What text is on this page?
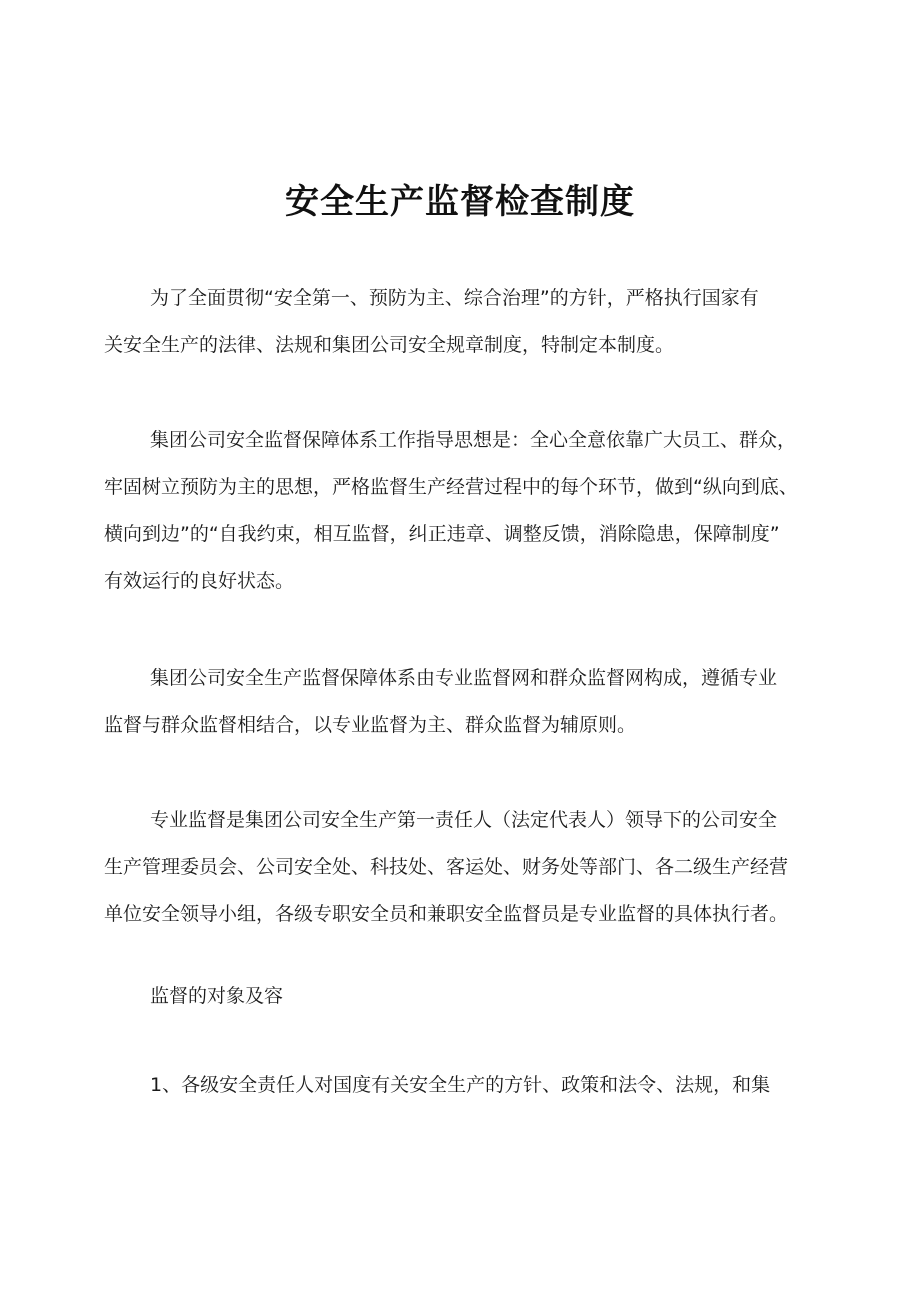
安全生产监督检查制度

为了全面贯彻“安全第一、预防为主、综合治理”的方针，严格执行国家有

关安全生产的法律、法规和集团公司安全规章制度，特制定本制度。

集团公司安全监督保障体系工作指导思想是：全心全意依靠广大员工、群众，

牢固树立预防为主的思想，严格监督生产经营过程中的每个环节，做到“纵向到底、

横向到边”的“自我约束，相互监督，纠正违章、调整反馈，消除隐患，保障制度”

有效运行的良好状态。

集团公司安全生产监督保障体系由专业监督网和群众监督网构成，遵循专业

监督与群众监督相结合，以专业监督为主、群众监督为辅原则。

专业监督是集团公司安全生产第一责任人（法定代表人）领导下的公司安全

生产管理委员会、公司安全处、科技处、客运处、财务处等部门、各二级生产经营

单位安全领导小组，各级专职安全员和兼职安全监督员是专业监督的具体执行者。

监督的对象及容

1、各级安全责任人对国度有关安全生产的方针、政策和法令、法规，和集
